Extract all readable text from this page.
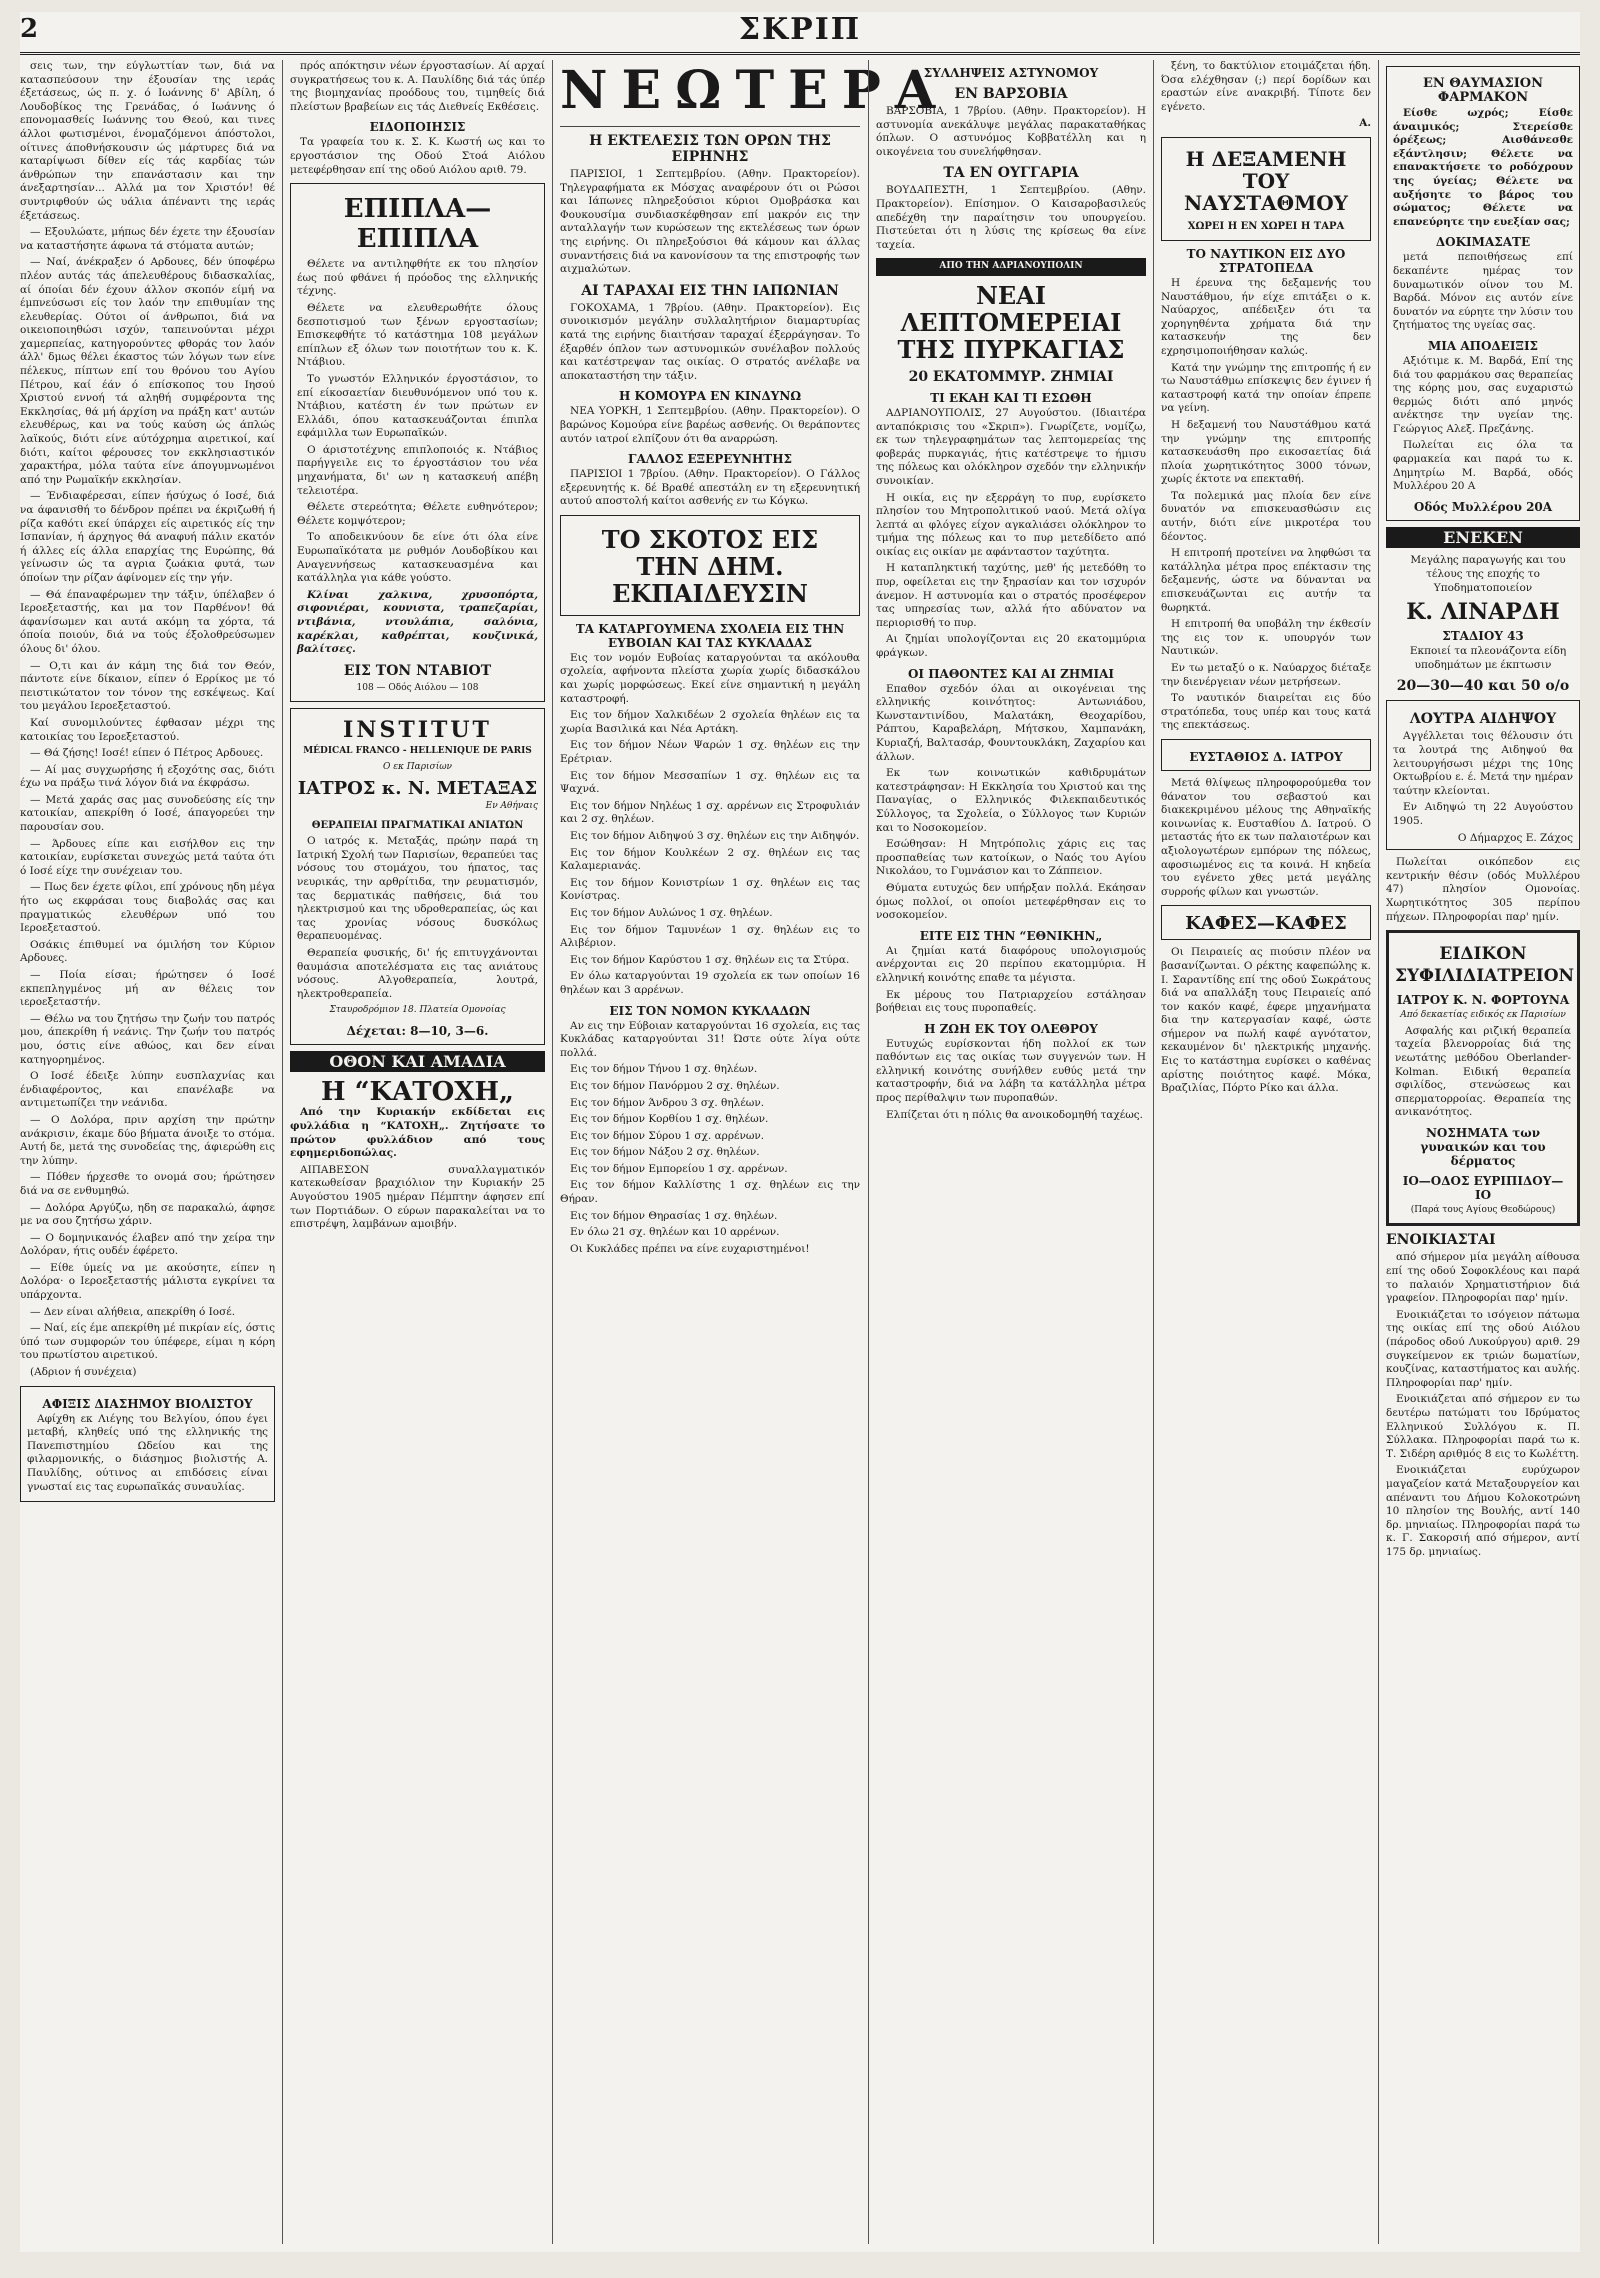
2	ΣΚΡΙΠ

σεις των, την εύγλωττίαν των, διά να κατασπεύσουν την έξουσίαν της ιεράς έξετάσεως, ώς π. χ. ό Ιωάννης δ' Αβίλη, ό Λουδοβίκος της Γρενάδας, ό Ιωάννης ό επονομασθείς Ιωάννης του Θεού, και τινες άλλοι φωτισμένοι, ένομαζόμενοι άπόστολοι, οίτινες άποθνήσκουσιν ώς μάρτυρες διά να καταρίψωσι δίθεν είς τάς καρδίας τών άνθρώπων την επανάστασιν και την άνεξαρτησίαν... Αλλά μα τον Χριστόν! θέ συντριφθούν ώς υάλια άπέναντι της ιεράς έξετάσεως.

— Εξουλώατε, μήπως δέν έχετε την έξουσίαν να καταστήσητε άφωνα τά στόματα αυτών;

— Ναί, άνέκραξεν ό Αρδουες, δέν ύποφέρω πλέον αυτάς τάς άπελευθέρους διδασκαλίας, αί όποίαι δέν έχουν άλλον σκοπόν είμή να έμπνεύσωσι είς τον λαόν την επιθυμίαν της ελευθερίας. Ούτοι οί άνθρωποι, διά να οικειοποιηθώσι ισχύν, ταπεινούνται μέχρι χαμερπείας, κατηγορούντες φθοράς τον λαόν άλλ' δμως θέλει έκαστος τών λόγων των είνε πέλεκυς, πίπτων επί του θρόνου του Αγίου Πέτρου, καί έάν ό επίσκοπος του Ιησού Χριστού εννοή τά αληθή συμφέροντα της Εκκλησίας, θά μή άρχίση να πράξη κατ' αυτών ελευθέρως, και να τούς καύση ώς άπλώς λαϊκούς, διότι είνε αύτόχρημα αιρετικοί, καί διότι, καίτοι φέρουσες τον εκκλησιαστικόν χαρακτήρα, μόλα ταύτα είνε άπογυμνωμένοι από την Ρωμαϊκήν εκκλησίαν.

— Ένδιαφέρεσαι, είπεν ήσύχως ό Ιοσέ, διά να άφανισθή το δένδρον πρέπει να έκριζωθή ή ρίζα καθότι εκεί ύπάρχει είς αιρετικός είς την Ισπανίαν, ή άρχηγος θά αναφυή πάλιν εκατόν ή άλλες είς άλλα επαρχίας της Ευρώπης, θά γείνωσιν ώς τα αγρια ζωάκια φυτά, των όποίων την ρίζαν άφίνομεν είς την γήν.

— Θά έπαναφέρωμεν την τάξιν, ύπέλαβεν ό Ιεροεξεταστής, και μα τον Παρθένον! θά άφανίσωμεν και αυτά ακόμη τα χόρτα, τά όποία ποιούν, διά να τούς έξολοθρεύσωμεν όλους δι' όλου.

— Ο,τι και άν κάμη της διά τον Θεόν, πάντοτε είνε δίκαιον, είπεν ό Ερρίκος με τό πειστικώτατον τον τόνον της εσκέψεως. Καί του μεγάλου Ιεροεξεταστού.

Καί συνομιλούντες έφθασαν μέχρι της κατοικίας του Ιεροεξεταστού.

— Θά ζήσης! Ιοσέ! είπεν ό Πέτρος Αρδουες.

— Αί μας συγχωρήσης ή εξοχότης σας, διότι έχω να πράξω τινά λόγον διά να έκφράσω.

— Μετά χαράς σας μας συνοδεύσης είς την κατοικίαν, απεκρίθη ό Ιοσέ, άπαγορεύει την παρουσίαν σου.

— Άρδουες είπε και εισήλθον εις την κατοικίαν, ευρίσκεται συνεχώς μετά ταύτα ότι ό Ιοσέ είχε την συνέχειαν του.

— Πως δεν έχετε φίλοι, επί χρόνους ηδη μέγα ήτο ως εκφράσαι τους διαβολάς σας και πραγματικώς ελευθέρων υπό του Ιεροεξεταστού.

Οσάκις έπιθυμεί να όμιλήση τον Κύριον Αρδουες.

— Ποία είσαι; ήρώτησεν ό Ιοσέ εκπεπληγμένος μή αν θέλεις τον ιεροεξεταστήν.

— Θέλω να του ζητήσω την ζωήν του πατρός μου, άπεκρίθη ή νεάνις. Την ζωήν του πατρός μου, όστις είνε αθώος, και δεν είναι κατηγορημένος.

Ο Ιοσέ έδειξε λύπην ευσπλαχνίας και ένδιαφέροντος, και επανέλαβε να αντιμετωπίζει την νεάνιδα.

— Ο Δολόρα, πριν αρχίση την πρώτην ανάκρισιν, έκαμε δύο βήματα άνοιξε το στόμα. Αυτή δε, μετά της συνοδείας της, άφιερώθη εις την λύπην.

— Πόθεν ήρχεσθε το ονομά σου; ήρώτησεν διά να σε ενθυμηθώ.

— Δολόρα Αργύζω, ηδη σε παρακαλώ, άφησε με να σου ζητήσω χάριν.

— Ο δομηνικανός έλαβεν από την χείρα την Δολόραν, ήτις ουδέν έφέρετο.

— Είθε ύμείς να με ακούσητε, είπεν η Δολόρα· ο Ιεροεξεταστής μάλιστα εγκρίνει τα υπάρχοντα.

— Δεν είναι αλήθεια, απεκρίθη ό Ιοσέ.

— Ναί, είς έμε απεκρίθη μέ πικρίαν είς, όστις ύπό των συμφορών του ύπέφερε, είμαι η κόρη του πρωτίστου αιρετικού.

(Αδριον ή συνέχεια)

ΑΦΙΞΙΣ ΔΙΑΣΗΜΟΥ ΒΙΟΛΙΣΤΟΥ

Αφίχθη εκ Λιέγης του Βελγίου, όπου έγει μεταβή, κληθείς υπό της ελληνικής της Πανεπιστημίου Ωδείου και της φιλαρμονικής, ο διάσημος βιολιστής Α. Παυλίδης, ούτινος αι επιδόσεις είναι γνωσταί εις τας ευρωπαϊκάς συναυλίας.

πρός απόκτησιν νέων έργοστασίων. Αί αρχαί συγκρατήσεως του κ. Α. Παυλίδης διά τάς ύπέρ της βιομηχανίας προόδους του, τιμηθείς διά πλείστων βραβείων εις τάς Διεθνείς Εκθέσεις.

ΕΙΔΟΠΟΙΗΣΙΣ

Τα γραφεία του κ. Σ. Κ. Κωστή ως και το εργοστάσιον της Οδού Στοά Αιόλου μετεφέρθησαν επί της οδού Αιόλου αριθ. 79.

ΕΠΙΠΛΑ—ΕΠΙΠΛΑ

Θέλετε να αντιληφθήτε εκ του πλησίον έως πού φθάνει ή πρόοδος της ελληνικής τέχνης.

Θέλετε να ελευθερωθήτε όλους δεσποτισμού των ξένων εργοστασίων; Επισκεφθήτε τό κατάστημα 108 μεγάλων επίπλων εξ όλων των ποιοτήτων του κ. Κ. Ντάβιου.

Το γνωστόν Ελληνικόν έργοστάσιον, το επί είκοσαετίαν διευθυνόμενον υπό του κ. Ντάβιου, κατέστη έν των πρώτων εν Ελλάδι, όπου κατασκευάζονται έπιπλα εφάμιλλα των Ευρωπαϊκών.

Ο άριστοτέχνης επιπλοποιός κ. Ντάβιος παρήγγειλε εις το έργοστάσιον του νέα μηχανήματα, δι' ων η κατασκευή απέβη τελειοτέρα.

Θέλετε στερεότητα; Θέλετε ευθηνότερον; Θέλετε κομψότερον;

Το αποδεικνύουν δε είνε ότι όλα είνε Ευρωπαϊκότατα με ρυθμόν Λουδοβίκου και Αναγεννήσεως κατασκευασμένα και κατάλληλα για κάθε γούστο.

Κλίναι χαλκινα, χρυσοπόρτα, σιφονιέραι, κουνιστα, τραπεζαρίαι, ντιβάνια, ντουλάπια, σαλόνια, καρέκλαι, καθρέπται, κουζινικά, βαλίτσες.

ΕΙΣ ΤΟΝ ΝΤΑΒΙΟΤ
108 — Οδός Αιόλου — 108
INSTITUT
MÉDICAL FRANCO - HELLENIQUE DE PARIS
Ο εκ Παρισίων
ΙΑΤΡΟΣ κ. Ν. ΜΕΤΑΞΑΣ
Εν Αθήναις
ΘΕΡΑΠΕΙΑΙ ΠΡΑΓΜΑΤΙΚΑΙ ΑΝΙΑΤΩΝ

Ο ιατρός κ. Μεταξάς, πρώην παρά τη Ιατρική Σχολή των Παρισίων, θεραπεύει τας νόσους του στομάχου, του ήπατος, τας νευρικάς, την αρθρίτιδα, την ρευματισμόν, τας δερματικάς παθήσεις, διά του ηλεκτρισμού και της υδροθεραπείας, ώς και τας χρονίας νόσους δυσκόλως θεραπευομένας.

Θεραπεία φυσικής, δι' ής επιτυγχάνονται θαυμάσια αποτελέσματα εις τας ανιάτους νόσους. Αλγοθεραπεία, λουτρά, ηλεκτροθεραπεία.

Σταυροδρόμιον 18. Πλατεία Ομονοίας
Δέχεται: 8—10, 3—6.
ΟΘΟΝ ΚΑΙ ΑΜΑΔΙΑ
Η “ΚΑΤΟΧΗ„

Από την Κυριακήν εκδίδεται εις φυλλάδια η “ΚΑΤΟΧΗ„. Ζητήσατε το πρώτον φυλλάδιον από τους εφημεριδοπώλας.

ΑΙΠΑΒΕΣΟΝ συναλλαγματικόν κατεκωθείσαν βραχιόλιον την Κυριακήν 25 Αυγούστου 1905 ημέραν Πέμπτην άφησεν επί των Πορτιάδων. Ο εύρων παρακαλείται να το επιστρέψη, λαμβάνων αμοιβήν.

ΝΕΩΤΕΡΑ
Η ΕΚΤΕΛΕΣΙΣ ΤΩΝ ΟΡΩΝ ΤΗΣ ΕΙΡΗΝΗΣ

ΠΑΡΙΣΙΟΙ, 1 Σεπτεμβρίου. (Αθην. Πρακτορείον). Τηλεγραφήματα εκ Μόσχας αναφέρουν ότι οι Ρώσοι και Ιάπωνες πληρεξούσιοι κύριοι Ομοβράσκα και Φουκουσίμα συνδιασκέφθησαν επί μακρόν εις την ανταλλαγήν των κυρώσεων της εκτελέσεως των όρων της ειρήνης. Οι πληρεξούσιοι θά κάμουν και άλλας συναντήσεις διά να κανονίσουν τα της επιστροφής των αιχμαλώτων.

ΑΙ ΤΑΡΑΧΑΙ ΕΙΣ ΤΗΝ ΙΑΠΩΝΙΑΝ

ΓΟΚΟΧΑΜΑ, 1 7βρίου. (Αθην. Πρακτορείον). Εις συνοικισμόν μεγάλην συλλαλητήριον διαμαρτυρίας κατά της ειρήνης διαιτήσαν ταραχαί έξερράγησαν. Το έξαρθέν όπλον των αστυνομικών συνέλαβον πολλούς και κατέστρεψαν τας οικίας. Ο στρατός ανέλαβε να αποκαταστήση την τάξιν.

Η ΚΟΜΟΥΡΑ ΕΝ ΚΙΝΔΥΝΩ

ΝΕΑ ΥΟΡΚΗ, 1 Σεπτεμβρίου. (Αθην. Πρακτορείον). Ο βαρώνος Κομούρα είνε βαρέως ασθενής. Οι θεράποντες αυτόν ιατροί ελπίζουν ότι θα αναρρώση.

ΓΑΛΛΟΣ ΕΞΕΡΕΥΝΗΤΗΣ

ΠΑΡΙΣΙΟΙ 1 7βρίου. (Αθην. Πρακτορείον). Ο Γάλλος εξερευνητής κ. δέ Βραθέ απεστάλη εν τη εξερευνητική αυτού αποστολή καίτοι ασθενής εν τω Κόγκω.

ΤΟ ΣΚΟΤΟΣ ΕΙΣ ΤΗΝ ΔΗΜ. ΕΚΠΑΙΔΕΥΣΙΝ
ΤΑ ΚΑΤΑΡΓΟΥΜΕΝΑ ΣΧΟΛΕΙΑ ΕΙΣ ΤΗΝ ΕΥΒΟΙΑΝ ΚΑΙ ΤΑΣ ΚΥΚΛΑΔΑΣ

Εις τον νομόν Ευβοίας καταργούνται τα ακόλουθα σχολεία, αφήνοντα πλείστα χωρία χωρίς διδασκάλου και χωρίς μορφώσεως. Εκεί είνε σημαντική η μεγάλη καταστροφή.

Εις τον δήμον Χαλκιδέων 2 σχολεία θηλέων εις τα χωρία Βασιλικά και Νέα Αρτάκη.

Εις τον δήμον Νέων Ψαρών 1 σχ. θηλέων εις την Ερέτριαν.

Εις τον δήμον Μεσσαπίων 1 σχ. θηλέων εις τα Ψαχνά.

Εις τον δήμον Νηλέως 1 σχ. αρρένων εις Στροφυλιάν και 2 σχ. θηλέων.

Εις τον δήμον Αιδηψού 3 σχ. θηλέων εις την Αιδηψόν.

Εις τον δήμον Κουλκέων 2 σχ. θηλέων εις τας Καλαμεριανάς.

Εις τον δήμον Κονιστρίων 1 σχ. θηλέων εις τας Κονίστρας.

Εις τον δήμον Αυλώνος 1 σχ. θηλέων.

Εις τον δήμον Ταμυνέων 1 σχ. θηλέων εις το Αλιβέριον.

Εις τον δήμον Καρύστου 1 σχ. θηλέων εις τα Στύρα.

Εν όλω καταργούνται 19 σχολεία εκ των οποίων 16 θηλέων και 3 αρρένων.

ΕΙΣ ΤΟΝ ΝΟΜΟΝ ΚΥΚΛΑΔΩΝ

Αν εις την Εύβοιαν καταργούνται 16 σχολεία, εις τας Κυκλάδας καταργούνται 31! Ώστε ούτε λίγα ούτε πολλά.

Εις τον δήμον Τήνου 1 σχ. θηλέων.

Εις τον δήμον Πανόρμου 2 σχ. θηλέων.

Εις τον δήμον Άνδρου 3 σχ. θηλέων.

Εις τον δήμον Κορθίου 1 σχ. θηλέων.

Εις τον δήμον Σύρου 1 σχ. αρρένων.

Εις τον δήμον Νάξου 2 σχ. θηλέων.

Εις τον δήμον Εμπορείου 1 σχ. αρρένων.

Εις τον δήμον Καλλίστης 1 σχ. θηλέων εις την Θήραν.

Εις τον δήμον Θηρασίας 1 σχ. θηλέων.

Εν όλω 21 σχ. θηλέων και 10 αρρένων.

Οι Κυκλάδες πρέπει να είνε ευχαριστημένοι!

ΣΥΛΛΗΨΕΙΣ ΑΣΤΥΝΟΜΟΥ
ΕΝ ΒΑΡΣΟΒΙΑ

ΒΑΡΣΟΒΙΑ, 1 7βρίου. (Αθην. Πρακτορείον). Η αστυνομία ανεκάλυψε μεγάλας παρακαταθήκας όπλων. Ο αστυνόμος Κοββατέλλη και η οικογένεια του συνελήφθησαν.

ΤΑ ΕΝ ΟΥΓΓΑΡΙΑ

ΒΟΥΔΑΠΕΣΤΗ, 1 Σεπτεμβρίου. (Αθην. Πρακτορείον). Επίσημον. Ο Καισαροβασιλεύς απεδέχθη την παραίτησιν του υπουργείου. Πιστεύεται ότι η λύσις της κρίσεως θα είνε ταχεία.

ΑΠΟ ΤΗΝ ΑΔΡΙΑΝΟΥΠΟΛΙΝ
ΝΕΑΙ ΛΕΠΤΟΜΕΡΕΙΑΙ ΤΗΣ ΠΥΡΚΑΓΙΑΣ
20 ΕΚΑΤΟΜΜΥΡ. ΖΗΜΙΑΙ
ΤΙ ΕΚΑΗ ΚΑΙ ΤΙ ΕΣΩΘΗ

ΑΔΡΙΑΝΟΥΠΟΛΙΣ, 27 Αυγούστου. (Ιδιαιτέρα ανταπόκρισις του «Σκριπ»). Γνωρίζετε, νομίζω, εκ των τηλεγραφημάτων τας λεπτομερείας της φοβεράς πυρκαγιάς, ήτις κατέστρεψε το ήμισυ της πόλεως και ολόκληρον σχεδόν την ελληνικήν συνοικίαν.

Η οικία, εις ην εξερράγη το πυρ, ευρίσκετο πλησίον του Μητροπολιτικού ναού. Μετά ολίγα λεπτά αι φλόγες είχον αγκαλιάσει ολόκληρον το τμήμα της πόλεως και το πυρ μετεδίδετο από οικίας εις οικίαν με αφάνταστον ταχύτητα.

Η καταπληκτική ταχύτης, μεθ' ής μετεδόθη το πυρ, οφείλεται εις την ξηρασίαν και τον ισχυρόν άνεμον. Η αστυνομία και ο στρατός προσέφερον τας υπηρεσίας των, αλλά ήτο αδύνατον να περιορισθή το πυρ.

Αι ζημίαι υπολογίζονται εις 20 εκατομμύρια φράγκων.

ΟΙ ΠΑΘΟΝΤΕΣ ΚΑΙ ΑΙ ΖΗΜΙΑΙ

Επαθον σχεδόν όλαι αι οικογένειαι της ελληνικής κοινότητος: Αντωνιάδου, Κωνσταντινίδου, Μαλατάκη, Θεοχαρίδου, Ράπτου, Καραβελάρη, Μήτσκου, Χαμπανάκη, Κυριαζή, Βαλτασάρ, Φουντουκλάκη, Ζαχαρίου και άλλων.

Εκ των κοινωτικών καθιδρυμάτων κατεστράφησαν: Η Εκκλησία του Χριστού και της Παναγίας, ο Ελληνικός Φιλεκπαιδευτικός Σύλλογος, τα Σχολεία, ο Σύλλογος των Κυριών και το Νοσοκομείον.

Εσώθησαν: Η Μητρόπολις χάρις εις τας προσπαθείας των κατοίκων, ο Ναός του Αγίου Νικολάου, το Γυμνάσιον και το Ζάππειον.

Θύματα ευτυχώς δεν υπήρξαν πολλά. Εκάησαν όμως πολλοί, οι οποίοι μετεφέρθησαν εις το νοσοκομείον.

ΕΙΤΕ ΕΙΣ ΤΗΝ “ΕΘΝΙΚΗΝ„

Αι ζημίαι κατά διαφόρους υπολογισμούς ανέρχονται εις 20 περίπου εκατομμύρια. Η ελληνική κοινότης επαθε τα μέγιστα.

Εκ μέρους του Πατριαρχείου εστάλησαν βοήθειαι εις τους πυροπαθείς.

Η ΖΩΗ ΕΚ ΤΟΥ ΟΛΕΘΡΟΥ

Ευτυχώς ευρίσκονται ήδη πολλοί εκ των παθόντων εις τας οικίας των συγγενών των. Η ελληνική κοινότης συνήλθεν ευθύς μετά την καταστροφήν, διά να λάβη τα κατάλληλα μέτρα προς περίθαλψιν των πυροπαθών.

Ελπίζεται ότι η πόλις θα ανοικοδομηθή ταχέως.

ξένη, το δακτύλιον ετοιμάζεται ήδη. Όσα ελέχθησαν (;) περί δορίδων και εραστών είνε ανακριβή. Τίποτε δεν εγένετο.

Α.
Η ΔΕΞΑΜΕΝΗ ΤΟΥ ΝΑΥΣΤΑΘΜΟΥ
ΧΩΡΕΙ Η ΕΝ ΧΩΡΕΙ Η ΤΑΡΑ
ΤΟ ΝΑΥΤΙΚΟΝ ΕΙΣ ΔΥΟ ΣΤΡΑΤΟΠΕΔΑ

Η έρευνα της δεξαμενής του Ναυστάθμου, ήν είχε επιτάξει ο κ. Ναύαρχος, απέδειξεν ότι τα χορηγηθέντα χρήματα διά την κατασκευήν της δεν εχρησιμοποιήθησαν καλώς.

Κατά την γνώμην της επιτροπής ή εν τω Ναυστάθμω επίσκεψις δεν έγινεν ή καταστροφή κατά την οποίαν έπρεπε να γείνη.

Η δεξαμενή του Ναυστάθμου κατά την γνώμην της επιτροπής κατασκευάσθη προ εικοσαετίας διά πλοία χωρητικότητος 3000 τόνων, χωρίς έκτοτε να επεκταθή.

Τα πολεμικά μας πλοία δεν είνε δυνατόν να επισκευασθώσιν εις αυτήν, διότι είνε μικροτέρα του δέοντος.

Η επιτροπή προτείνει να ληφθώσι τα κατάλληλα μέτρα προς επέκτασιν της δεξαμενής, ώστε να δύνανται να επισκευάζωνται εις αυτήν τα θωρηκτά.

Η επιτροπή θα υποβάλη την έκθεσίν της εις τον κ. υπουργόν των Ναυτικών.

Εν τω μεταξύ ο κ. Ναύαρχος διέταξε την διενέργειαν νέων μετρήσεων.

Το ναυτικόν διαιρείται εις δύο στρατόπεδα, τους υπέρ και τους κατά της επεκτάσεως.

ΕΥΣΤΑΘΙΟΣ Δ. ΙΑΤΡΟΥ

Μετά θλίψεως πληροφορούμεθα τον θάνατον του σεβαστού και διακεκριμένου μέλους της Αθηναϊκής κοινωνίας κ. Ευσταθίου Δ. Ιατρού. Ο μεταστάς ήτο εκ των παλαιοτέρων και αξιολογωτέρων εμπόρων της πόλεως, αφοσιωμένος εις τα κοινά. Η κηδεία του εγένετο χθες μετά μεγάλης συρροής φίλων και γνωστών.

ΚΑΦΕΣ—ΚΑΦΕΣ

Οι Πειραιείς ας πιούσιν πλέον να βασανίζωνται. Ο ρέκτης καφεπώλης κ. Ι. Σαραντίδης επί της οδού Σωκράτους διά να απαλλάξη τους Πειραιείς από τον κακόν καφέ, έφερε μηχανήματα δια την κατεργασίαν καφέ, ώστε σήμερον να πωλή καφέ αγνότατον, κεκαυμένον δι' ηλεκτρικής μηχανής. Εις το κατάστημα ευρίσκει ο καθένας αρίστης ποιότητος καφέ. Μόκα, Βραζιλίας, Πόρτο Ρίκο και άλλα.

ΕΝ ΘΑΥΜΑΣΙΟΝ ΦΑΡΜΑΚΟΝ

Είσθε ωχρός; Είσθε άναιμικός; Στερείσθε όρέξεως; Αισθάνεσθε εξάντλησιν; Θέλετε να επανακτήσετε το ροδόχρουν της ύγείας; Θέλετε να αυξήσητε το βάρος του σώματος; Θέλετε να επανεύρητε την ευεξίαν σας;

ΔΟΚΙΜΑΣΑΤΕ

μετά πεποιθήσεως επί δεκαπέντε ημέρας τον δυναμωτικόν οίνον του Μ. Βαρδά. Μόνον εις αυτόν είνε δυνατόν να εύρητε την λύσιν του ζητήματος της υγείας σας.

ΜΙΑ ΑΠΟΔΕΙΞΙΣ

Αξιότιμε κ. Μ. Βαρδά, Επί της διά του φαρμάκου σας θεραπείας της κόρης μου, σας ευχαριστώ θερμώς διότι από μηνός ανέκτησε την υγείαν της. Γεώργιος Αλεξ. Πρεζάνης.

Πωλείται εις όλα τα φαρμακεία και παρά τω κ. Δημητρίω Μ. Βαρδά, οδός Μυλλέρου 20 Α

Οδός Μυλλέρου 20Α
ΕΝΕΚΕΝ

Μεγάλης παραγωγής και του τέλους της εποχής το Υποδηματοποιείον

Κ. ΛΙΝΑΡΔΗ
ΣΤΑΔΙΟΥ 43

Εκποιεί τα πλεονάζοντα είδη υποδημάτων με έκπτωσιν

20—30—40 και 50 ο/ο
ΛΟΥΤΡΑ ΑΙΔΗΨΟΥ

Αγγέλλεται τοις θέλουσιν ότι τα λουτρά της Αιδηψού θα λειτουργήσωσι μέχρι της 10ης Οκτωβρίου ε. έ. Μετά την ημέραν ταύτην κλείονται.

Εν Αιδηψώ τη 22 Αυγούστου 1905.

Ο Δήμαρχος Ε. Ζάχος

Πωλείται οικόπεδον εις κεντρικήν θέσιν (οδός Μυλλέρου 47) πλησίον Ομονοίας. Χωρητικότητος 305 περίπου πήχεων. Πληροφορίαι παρ' ημίν.

ΕΙΔΙΚΟΝ ΣΥΦΙΛΙΔΙΑΤΡΕΙΟΝ
ΙΑΤΡΟΥ Κ. Ν. ΦΟΡΤΟΥΝΑ
Από δεκαετίας ειδικός εκ Παρισίων

Ασφαλής και ριζική θεραπεία ταχεία βλενορροίας διά της νεωτάτης μεθόδου Oberlander-Kolman. Ειδική θεραπεία σφιλίδος, στενώσεως και σπερματορροίας. Θεραπεία της ανικανότητος.

ΝΟΣΗΜΑΤΑ των γυναικών και του δέρματος
ΙΟ—ΟΔΟΣ ΕΥΡΙΠΙΔΟΥ—ΙΟ
(Παρά τους Αγίους Θεοδώρους)
ΕΝΟΙΚΙΑΣΤΑΙ

από σήμερον μία μεγάλη αίθουσα επί της οδού Σοφοκλέους και παρά το παλαιόν Χρηματιστήριον διά γραφείον. Πληροφορίαι παρ' ημίν.

Ενοικιάζεται το ισόγειον πάτωμα της οικίας επί της οδού Αιόλου (πάροδος οδού Λυκούργου) αριθ. 29 συγκείμενον εκ τριών δωματίων, κουζίνας, καταστήματος και αυλής. Πληροφορίαι παρ' ημίν.

Ενοικιάζεται από σήμερον εν τω δευτέρω πατώματι του Ιδρύματος Ελληνικού Συλλόγου κ. Π. Σύλλακα. Πληροφορίαι παρά τω κ. Τ. Σιδέρη αριθμός 8 εις το Κωλέττη.

Ενοικιάζεται ευρύχωρον μαγαζείον κατά Μεταξουργείον και απέναντι του Δήμου Κολοκοτρώνη 10 πλησίον της Βουλής, αντί 140 δρ. μηνιαίως. Πληροφορίαι παρά τω κ. Γ. Σακορσιή από σήμερον, αντί 175 δρ. μηνιαίως.
